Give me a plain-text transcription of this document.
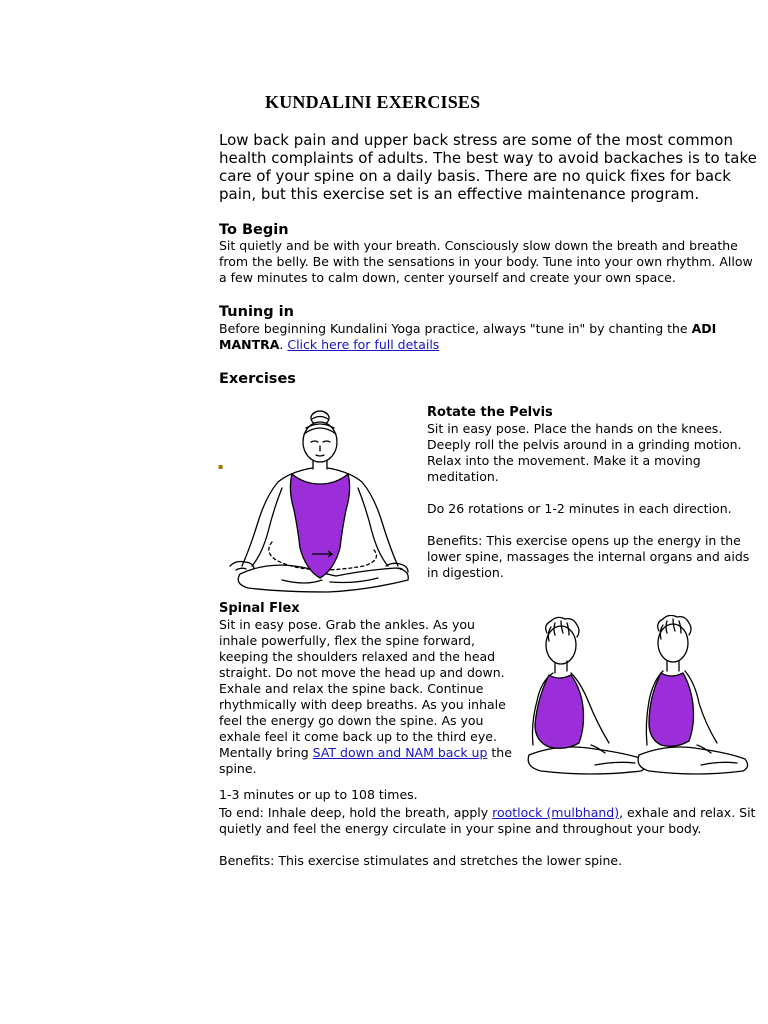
KUNDALINI EXERCISES
Low back pain and upper back stress are some of the most common health complaints of adults. The best way to avoid backaches is to take care of your spine on a daily basis. There are no quick fixes for back pain, but this exercise set is an effective maintenance program.
To Begin
Sit quietly and be with your breath. Consciously slow down the breath and breathe from the belly. Be with the sensations in your body. Tune into your own rhythm. Allow a few minutes to calm down, center yourself and create your own space.
Tuning in
Before beginning Kundalini Yoga practice, always "tune in" by chanting the ADI MANTRA. Click here for full details
Exercises
▪
Rotate the Pelvis
Sit in easy pose. Place the hands on the knees. Deeply roll the pelvis around in a grinding motion. Relax into the movement. Make it a moving meditation.
Do 26 rotations or 1-2 minutes in each direction.
Benefits: This exercise opens up the energy in the lower spine, massages the internal organs and aids in digestion.
Spinal Flex
Sit in easy pose. Grab the ankles. As you inhale powerfully, flex the spine forward, keeping the shoulders relaxed and the head straight. Do not move the head up and down. Exhale and relax the spine back. Continue rhythmically with deep breaths. As you inhale feel the energy go down the spine. As you exhale feel it come back up to the third eye. Mentally bring SAT down and NAM back up the spine.
1-3 minutes or up to 108 times.
To end: Inhale deep, hold the breath, apply rootlock (mulbhand), exhale and relax. Sit quietly and feel the energy circulate in your spine and throughout your body.
Benefits: This exercise stimulates and stretches the lower spine.
